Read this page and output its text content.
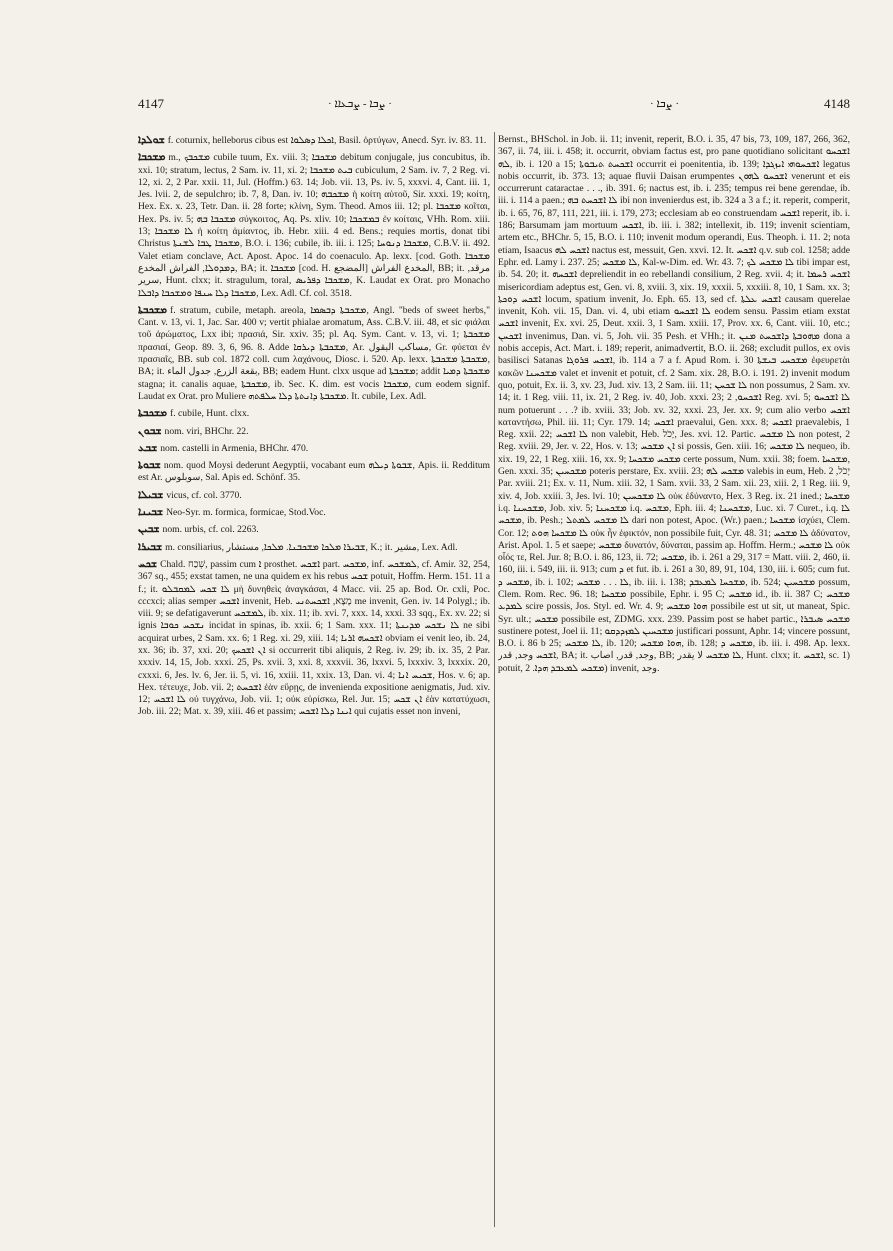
4147	· ܨܒܐ - ܨܒܥܐܐ ·	· ܨܒܐ ·	4148

ܫܘܠܕܐ f. coturnix, helleborus cibus est ܐܟܠܐ ܕܣܠܘܐ, Basil. ὀρτύγων, Anecd. Syr. iv. 83. 11.

ܡܫܟܒܐ m., ܡܫܟܒܟ cubile tuum, Ex. viii. 3; ܡܫܟܒܐ debitum conjugale, jus concubitus, ib. xxi. 10; stratum, lectus, 2 Sam. iv. 11, xi. 2; ܒܝܬ ܡܫܟܒܐ cubiculum, 2 Sam. iv. 7, 2 Reg. vi. 12, xi. 2, 2 Par. xxii. 11, Jul. (Hoffm.) 63. 14; Job. vii. 13, Ps. iv. 5, xxxvi. 4, Cant. iii. 1, Jes. lvii. 2, de sepulchro; ib. 7, 8, Dan. iv. 10; ܡܫܟܒܗ ἡ κοίτη αὐτοῦ, Sir. xxxi. 19; κοίτη, Hex. Ex. x. 23, Tetr. Dan. ii. 28 forte; κλίνη, Sym. Theod. Amos iii. 12; pl. ܡܫܟܒܐ κοῖται, Hex. Ps. iv. 5; ܡܫܟܒܐ ܒܗ σύγκοιτος, Aq. Ps. xliv. 10; ܒܡܫܟܒܐ ἐν κοίταις, VHh. Rom. xiii. 13; ܠܐ ܡܫܟܒܐ ἡ κοίτη ἀμίαντος, ib. Hebr. xiii. 4 ed. Bens.; requies mortis, donat tibi Christus ܡܫܟܒܐ ܛܒܐ ܠܫܢܬܐ, B.O. i. 136; cubile, ib. iii. i. 125; ܡܫܟܒܐ ܕܢܘܚܐ, C.B.V. ii. 492. Valet etiam conclave, Act. Apost. Apoc. 14 do coenaculo. Ap. lexx. [cod. Goth. ܡܫܟܒܐ ܕܡܕܘܠܐ, الفراش المخدع, BA; it. ܡܫܟܒܐ [cod. H. المضجع] المخدع الفراش, BB; it. مرقد, سرير, Hunt. clxx; it. stragulum, toral, ܡܫܟܒܐ ܕܦܪܝܣ, K. Laudat ex Orat. pro Monacho ܡܫܟܒܐ ܕܠܐ ܚܢܦܐ ܘܡܫܟܒܐ ܕܐܒܠܐ, Lex. Adl. Cf. col. 3518.

ܡܫܟܒܬܐ f. stratum, cubile, metaph. areola, ܡܫܟܒܬܐ ܕܒܣܡܐ, Angl. "beds of sweet herbs," Cant. v. 13, vi. 1, Jac. Sar. 400 v; vertit phialae aromatum, Ass. C.B.V. iii. 48, et sic φιάλαι τοῦ ἀρώματος, Lxx ibi; πρασιά, Sir. xxiv. 35; pl. Aq. Sym. Cant. v. 13, vi. 1; ܡܫܟܒܬܐ πρασιαί, Geop. 89. 3, 6, 96. 8. Adde ܡܫܟܒܬܐ ܕܝܪܩܐ, Ar. مساكب البقول, Gr. φύεται ἐν πρασιαῖς, BB. sub col. 1872 coll. cum λαχάνους, Diosc. i. 520. Ap. lexx. ܡܫܟܒܬܐ ܡܫܟܒܬܐ, BA; it. بقعة الزرع, جدول الماء, BB; eadem Hunt. clxx usque ad ܡܫܟܒܬܐ; addit ܡܫܟܒܬܐ ܕܡܝܐ stagna; it. canalis aquae, ܡܫܟܒܬܐ, ib. Sec. K. dim. est vocis ܡܫܟܒܐ, cum eodem signif. Laudat ex Orat. pro Muliere ܡܫܟܒܬܐ ܕܐܢܬܬܐ ܕܠܐ ܚܠܦܬܗ. It. cubile, Lex. Adl.

ܡܫܟܒܬܐ f. cubile, Hunt. clxx.

ܫܒܘܢ nom. viri, BHChr. 22.

ܫܒܥ nom. castelli in Armenia, BHChr. 470.

ܫܒܘܬܐ nom. quod Moysi dederunt Aegyptii, vocabant eum ܫܒܘܬܐ ܕܝܠܗ, Apis. ii. Redditum est Ar. سوبلوس, Sal. Apis ed. Schönf. 35.

ܫܒܝܠܐ vicus, cf. col. 3770.

ܫܒܝܢܐ Neo-Syr. m. formica, formicae, Stod.Voc.

ܫܒܝܢ nom. urbis, cf. col. 2263.

ܫܒܝܪܐ m. consiliarius, ܫܒܝܪܐ ܡܠܟܐ ܡܫܟܒܢܐ. ܡܠܟܐ, مستشار, K.; it. مشير, Lex. Adl.

ܫܟܚ Chald. שְׁכַח, passim cum ܐ prosthet. ܐܫܟܚ part. ܡܫܟܚ, inf. ܠܡܫܟܚ, cf. Amir. 32, 254, 367 sq., 455; exstat tamen, ne una quidem ex his rebus ܫܟܚ potuit, Hoffm. Herm. 151. 11 a f.; it. ܠܐ ܫܟܚ ܠܡܩܒܠܘ μὴ δυνηθεὶς ἀναγκάσαι, 4 Macc. vii. 25 ap. Bod. Or. cxli, Poc. cccxci; alias semper ܐܫܟܚ invenit, Heb. מָצָא, ܐܫܟܚܬܢܝ me invenit, Gen. iv. 14 Polygl.; ib. viii. 9; se defatigaverunt ܠܡܫܟܚ, ib. xix. 11; ib. xvi. 7, xxx. 14, xxxi. 33 sqq., Ex. xv. 22; si ignis ܢܫܟܚ ܟܘܒܐ incidat in spinas, ib. xxii. 6; 1 Sam. xxx. 11; ܠܐ ܢܫܟܚ ܡܕܝܢܬܐ ne sibi acquirat urbes, 2 Sam. xx. 6; 1 Reg. xi. 29, xiii. 14; ܐܫܟܚܗ ܐܪܝܐ obviam ei venit leo, ib. 24, xx. 36; ib. 37, xxi. 20; ܐܢ ܐܫܟܚܟ si occurrerit tibi aliquis, 2 Reg. iv. 29; ib. ix. 35, 2 Par. xxxiv. 14, 15, Job. xxxi. 25, Ps. xvii. 3, xxi. 8, xxxvii. 36, lxxvi. 5, lxxxiv. 3, lxxxix. 20, cxxxi. 6, Jes. lv. 6, Jer. ii. 5, vi. 16, xxiii. 11, xxix. 13, Dan. vi. 4; ܫܟܝܚ ܐܢܐ, Hos. v. 6; ap. Hex. τέτευχε, Job. vii. 2; ܐܫܟܚܬ ἐὰν εὕρῃς, de invenienda expositione aenigmatis, Jud. xiv. 12; ܠܐ ܐܫܟܚ οὐ τυγχάνω, Job. vii. 1; οὐκ εὑρίσκω, Rel. Jur. 15; ܐܢ ܫܟܚ ἐὰν κατατύχωσι, Job. iii. 22; Mat. x. 39, xiii. 46 et passim; ܐܝܢܐ ܕܠܐ ܐܫܟܚ qui cujatis esset non inveni,

Bernst., BHSchol. in Job. ii. 11; invenit, reperit, B.O. i. 35, 47 bis, 73, 109, 187, 266, 362, 367, ii. 74, iii. i. 458; it. occurrit, obviam factus est, pro pane quotidiano solicitant ܐܫܟܚܘ ܠܗ, ib. i. 120 a 15; ܐܫܟܚܬ ܬܝܒܘܬܐ occurrit ei poenitentia, ib. 139; ܐܫܟܚܘܗܝ ܐܝܙܓܕܐ legatus nobis occurrit, ib. 373. 13; aquae fluvii Daisan erumpentes ܐܫܟܚܘ ܠܗܘܢ venerunt et eis occurrerunt cataractae . . ., ib. 391. 6; nactus est, ib. i. 235; tempus rei bene gerendae, ib. iii. i. 114 a paen.; ܠܐ ܐܫܟܚܬ ܒܗ ibi non invenierdus est, ib. 324 a 3 a f.; it. reperit, comperit, ib. i. 65, 76, 87, 111, 221, iii. i. 179, 273; ecclesiam ab eo construendam ܐܫܟܚ reperit, ib. i. 186; Barsumam jam mortuum ܐܫܟܚ, ib. iii. i. 382; intellexit, ib. 119; invenit scientiam, artem etc., BHChr. 5, 15, B.O. i. 110; invenit modum operandi, Eus. Theoph. i. 11. 2; nota etiam, Isaacus ܐܫܟܚ ܠܗ nactus est, messuit, Gen. xxvi. 12. It. ܐܫܟܚ q.v. sub col. 1258; adde Ephr. ed. Lamy i. 237. 25; ܠܐ ܡܫܟܚ, Kal-w-Dim. ed. Wr. 43. 7; ܠܐ ܡܫܟܚ ܠܟ tibi impar est, ib. 54. 20; it. ܐܫܟܚܗ depreliendit in eo rebellandi consilium, 2 Reg. xvii. 4; it. ܐܫܟܚ ܪܚܡܐ misericordiam adeptus est, Gen. vi. 8, xviii. 3, xix. 19, xxxii. 5, xxxiii. 8, 10, 1 Sam. xx. 3; ܐܫܟܚ ܕܘܟܬܐ locum, spatium invenit, Jo. Eph. 65. 13, sed cf. ܐܫܟܚ ܥܠܬܐ causam querelae invenit, Koh. vii. 15, Dan. vi. 4, ubi etiam ܠܐ ܐܫܟܚܘ eodem sensu. Passim etiam exstat ܐܫܟܚ invenit, Ex. xvi. 25, Deut. xxii. 3, 1 Sam. xxiii. 17, Prov. xx. 6, Cant. viii. 10, etc.; ܐܫܟܚܢ invenimus, Dan. vi. 5, Joh. vii. 35 Pesh. et VHh.; it. ܡܗܘܒܬܐ ܕܐܫܟܚܬ ܡܢܢ dona a nobis accepis, Act. Mart. i. 189; reperit, animadvertit, B.O. ii. 268; excludit pullos, ex ovis basilisci Satanas ܐܫܟܚ ܦܪܘܓܐ, ib. 114 a 7 a f. Apud Rom. i. 30 ܡܫܟܚܝ ܒܝܫܬܐ ἐφευρετὰι κακῶν ܡܫܟܚܢܐ valet et invenit et potuit, cf. 2 Sam. xix. 28, B.O. i. 191. 2) invenit modum quo, potuit, Ex. ii. 3, xv. 23, Jud. xiv. 13, 2 Sam. iii. 11; ܠܐ ܫܟܚܢ non possumus, 2 Sam. xv. 14; it. 1 Reg. viii. 11, ix. 21, 2 Reg. iv. 40, Job. xxxi. 23; ܐܫܟܚܘ, 2 Reg. xvi. 5; ܠܐ ܐܫܟܚܘ num potuerunt . . .? ib. xviii. 33; Job. xv. 32, xxxi. 23, Jer. xx. 9; cum alio verbo ܐܫܟܚ καταντήσω, Phil. iii. 11; Cyr. 179. 14; ܐܫܟܚ praevalui, Gen. xxx. 8; ܐܫܟܚ praevalebis, 1 Reg. xxii. 22; ܠܐ ܐܫܟܚ non valebit, Heb. יָכֹל, Jes. xvi. 12. Partic. ܠܐ ܡܫܟܚ non potest, 2 Reg. xviii. 29, Jer. v. 22, Hos. v. 13; ܐܢ ܡܫܟܚ si possis, Gen. xiii. 16; ܠܐ ܡܫܟܚ nequeo, ib. xix. 19, 22, 1 Reg. xiii. 16, xx. 9; ܡܫܟܚ ܡܫܟܚܐ certe possum, Num. xxii. 38; foem. ܡܫܟܚܐ, Gen. xxxi. 35; ܡܫܟܚܝܢ poteris perstare, Ex. xviii. 23; ܡܫܟܚ ܠܗ valebis in eum, Heb. יָכֹל, 2 Par. xviii. 21; Ex. v. 11, Num. xiii. 32, 1 Sam. xvii. 33, 2 Sam. xii. 23, xiii. 2, 1 Reg. iii. 9, xiv. 4, Job. xxiii. 3, Jes. lvi. 10; ܠܐ ܡܫܟܚܝܢ οὐκ ἐδύναντο, Hex. 3 Reg. ix. 21 ined.; ܡܫܟܚܐ i.q. ܡܫܟܚܢܐ, Job. xiv. 5; ܡܫܟܚܢܐ i.q. ܡܫܟܚ, Eph. iii. 4; ܡܫܟܚܢܐ, Luc. xi. 7 Curet., i.q. ܠܐ ܡܫܟܚ, ib. Pesh.; ܠܐ ܡܫܟܚ ܠܡܬܠ dari non potest, Apoc. (Wr.) paen.; ܡܫܟܚܐ ἰσχύει, Clem. Cor. 12; ܠܐ ܡܫܟܚܐ ܗܘܬ οὐκ ἦν ἐφικτόν, non possibile fuit, Cyr. 48. 31; ܠܐ ܡܫܟܚ ἀδύνατον, Arist. Apol. 1. 5 et saepe; ܡܫܟܚ δυνατόν, δύναται, passim ap. Hoffm. Herm.; ܠܐ ܡܫܟܚ οὐκ οἷός τε, Rel. Jur. 8; B.O. i. 86, 123, ii. 72; ܡܫܟܚ, ib. i. 261 a 29, 317 = Matt. viii. 2, 460, ii. 160, iii. i. 549, iii. ii. 913; cum ܕ et fut. ib. i. 261 a 30, 89, 91, 104, 130, iii. i. 605; cum fut. ܡܫܟܚ ܕ, ib. i. 102; ܠܐ . . . ܡܫܟܚ, ib. iii. i. 138; ܡܫܟܚܐ ܠܡܥܒܕ, ib. 524; ܡܫܟܚܝܢ possum, Clem. Rom. Rec. 96. 18; ܡܫܟܚܐ possibile, Ephr. i. 95 C; ܡܫܟܚ id., ib. ii. 387 C; ܡܫܟܚ ܠܡܕܥ scire possis, Jos. Styl. ed. Wr. 4. 9; ܗܘܐ ܡܫܟܚ possibile est ut sit, ut maneat, Spic. Syr. ult.; ܡܫܟܚ possibile est, ZDMG. xxx. 239. Passim post se habet partic., ܡܫܟܚ ܣܝܒܪܐ sustinere potest, Joel ii. 11; ܡܫܟܚܝܢ ܠܡܙܕܕܩܘ justificari possunt, Aphr. 14; vincere possunt, B.O. i. 86 b 25; ܠܐ ܡܫܟܚ, ib. 120; ܗܘܐ ܡܫܟܚ, ib. 128; ܡܫܟܚ ܕ, ib. iii. i. 498. Ap. lexx. ܐܫܟܚ وجد, قدر, BA; it. وجد, قدر, اصاب, BB; ܠܐ ܡܫܟܚ لا يقدر, Hunt. clxx; it. ܐܫܟܚ, sc. 1) potuit, ܡܫܟܚ ܠܡܥܒܕ ܗܕܐ. 2) invenit, وجد.
